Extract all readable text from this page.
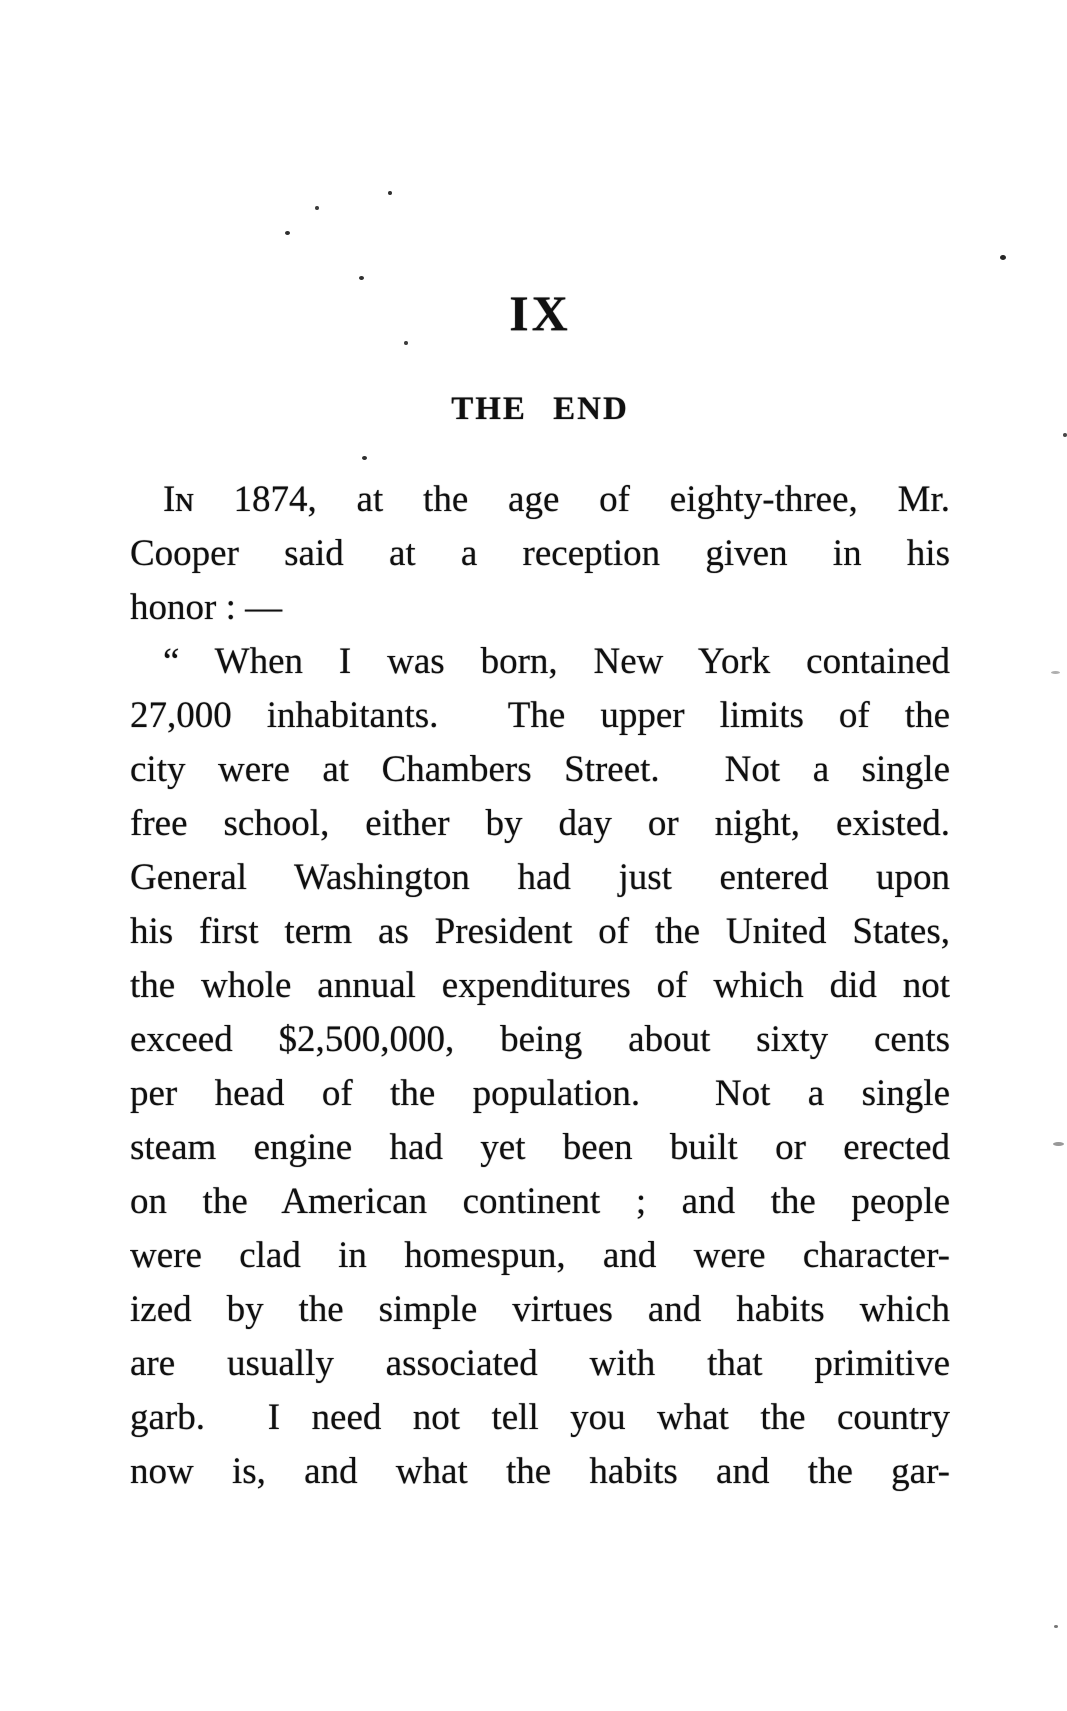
IX
THE END
Iɴ 1874, at the age of eighty-three, Mr.
Cooper said at a reception given in his
honor : —
“ When I was born, New York contained
27,000 inhabitants.  The upper limits of the
city were at Chambers Street.  Not a single
free school, either by day or night, existed.
General Washington had just entered upon
his first term as President of the United States,
the whole annual expenditures of which did not
exceed $2,500,000, being about sixty cents
per head of the population.  Not a single
steam engine had yet been built or erected
on the American continent ; and the people
were clad in homespun, and were character-
ized by the simple virtues and habits which
are usually associated with that primitive
garb.  I need not tell you what the country
now is, and what the habits and the gar-
